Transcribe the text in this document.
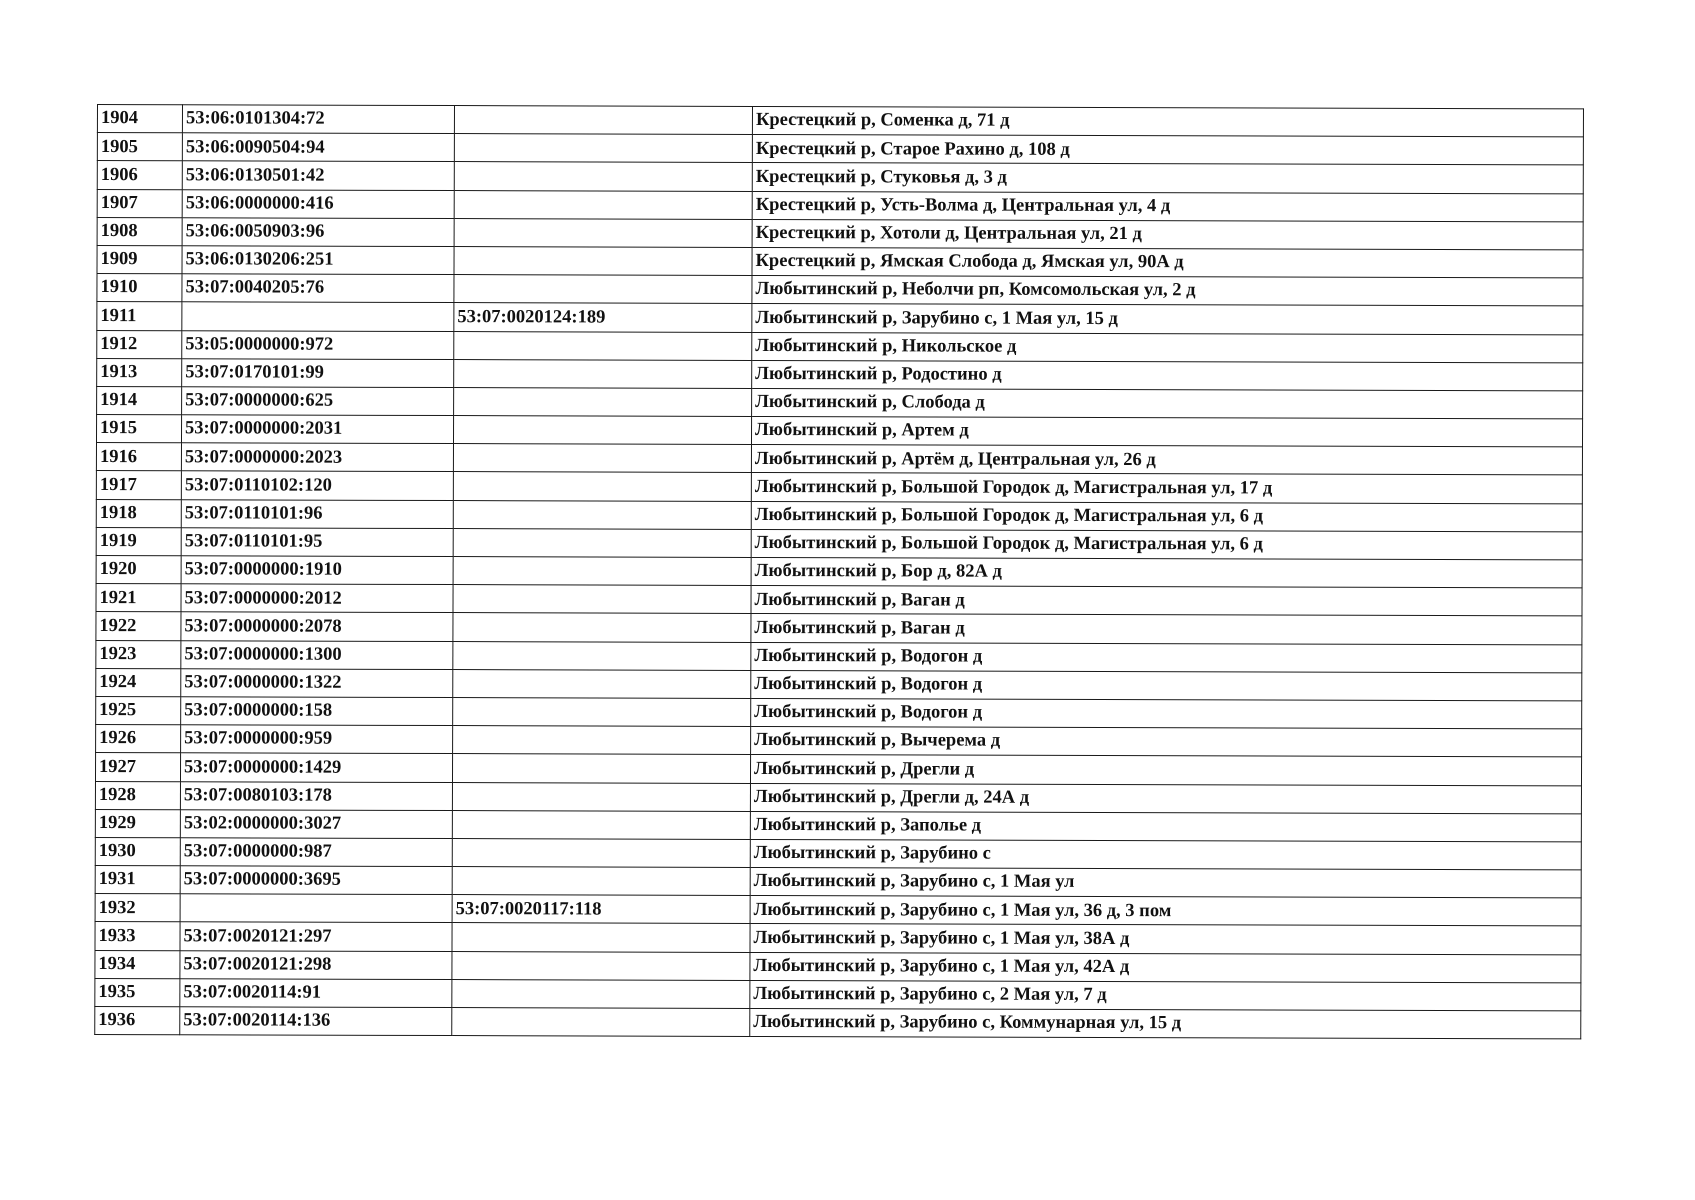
1904	53:06:0101304:72		Крестецкий р, Соменка д, 71 д
1905	53:06:0090504:94		Крестецкий р, Старое Рахино д, 108 д
1906	53:06:0130501:42		Крестецкий р, Стуковья д, 3 д
1907	53:06:0000000:416		Крестецкий р, Усть-Волма д, Центральная ул, 4 д
1908	53:06:0050903:96		Крестецкий р, Хотоли д, Центральная ул, 21 д
1909	53:06:0130206:251		Крестецкий р, Ямская Слобода д, Ямская ул, 90А д
1910	53:07:0040205:76		Любытинский р, Неболчи рп, Комсомольская ул, 2 д
1911		53:07:0020124:189	Любытинский р, Зарубино с, 1 Мая ул, 15 д
1912	53:05:0000000:972		Любытинский р, Никольское д
1913	53:07:0170101:99		Любытинский р, Родостино д
1914	53:07:0000000:625		Любытинский р, Слобода д
1915	53:07:0000000:2031		Любытинский р, Артем д
1916	53:07:0000000:2023		Любытинский р, Артём д, Центральная ул, 26 д
1917	53:07:0110102:120		Любытинский р, Большой Городок д, Магистральная ул, 17 д
1918	53:07:0110101:96		Любытинский р, Большой Городок д, Магистральная ул, 6 д
1919	53:07:0110101:95		Любытинский р, Большой Городок д, Магистральная ул, 6 д
1920	53:07:0000000:1910		Любытинский р, Бор д, 82А д
1921	53:07:0000000:2012		Любытинский р, Ваган д
1922	53:07:0000000:2078		Любытинский р, Ваган д
1923	53:07:0000000:1300		Любытинский р, Водогон д
1924	53:07:0000000:1322		Любытинский р, Водогон д
1925	53:07:0000000:158		Любытинский р, Водогон д
1926	53:07:0000000:959		Любытинский р, Вычерема д
1927	53:07:0000000:1429		Любытинский р, Дрегли д
1928	53:07:0080103:178		Любытинский р, Дрегли д, 24А д
1929	53:02:0000000:3027		Любытинский р, Заполье д
1930	53:07:0000000:987		Любытинский р, Зарубино с
1931	53:07:0000000:3695		Любытинский р, Зарубино с, 1 Мая ул
1932		53:07:0020117:118	Любытинский р, Зарубино с, 1 Мая ул, 36 д, 3 пом
1933	53:07:0020121:297		Любытинский р, Зарубино с, 1 Мая ул, 38А д
1934	53:07:0020121:298		Любытинский р, Зарубино с, 1 Мая ул, 42А д
1935	53:07:0020114:91		Любытинский р, Зарубино с, 2 Мая ул, 7 д
1936	53:07:0020114:136		Любытинский р, Зарубино с, Коммунарная ул, 15 д
